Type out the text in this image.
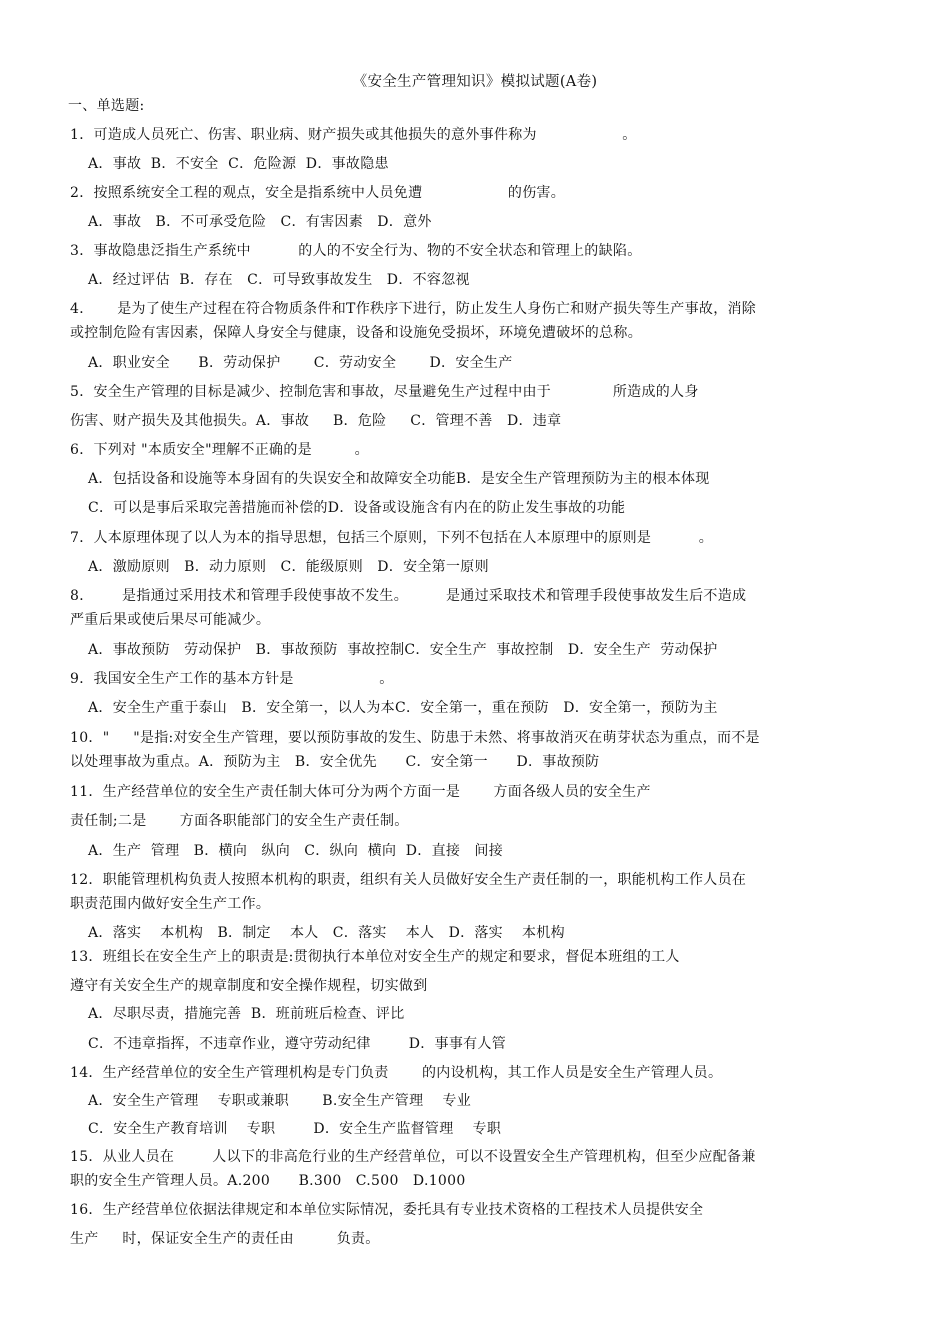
《安全生产管理知识》模拟试题(A卷)
一、单选题:
1．可造成人员死亡、伤害、职业病、财产损失或其他损失的意外事件称为                  。
A．事故  B．不安全  C．危险源  D．事故隐患
2．按照系统安全工程的观点，安全是指系统中人员免遭                  的伤害。
A．事故   B．不可承受危险   C．有害因素   D．意外
3．事故隐患泛指生产系统中          的人的不安全行为、物的不安全状态和管理上的缺陷。
A．经过评估  B．存在   C．可导致事故发生   D．不容忽视
4．     是为了使生产过程在符合物质条件和T作秩序下进行，防止发生人身伤亡和财产损失等生产事故，消除
或控制危险有害因素，保障人身安全与健康，设备和设施免受损坏，环境免遭破坏的总称。
A．职业安全      B．劳动保护       C．劳动安全       D．安全生产
5．安全生产管理的目标是减少、控制危害和事故，尽量避免生产过程中由于             所造成的人身
伤害、财产损失及其他损失。A．事故     B．危险     C．管理不善   D．违章
6．下列对 "本质安全"理解不正确的是         。
A．包括设备和设施等本身固有的失误安全和故障安全功能B．是安全生产管理预防为主的根本体现
C．可以是事后采取完善措施而补偿的D．设备或设施含有内在的防止发生事故的功能
7．人本原理体现了以人为本的指导思想，包括三个原则，下列不包括在人本原理中的原则是          。
A．激励原则   B．动力原则   C．能级原则   D．安全第一原则
8．      是指通过采用技术和管理手段使事故不发生。        是通过采取技术和管理手段使事故发生后不造成
严重后果或使后果尽可能减少。
A．事故预防   劳动保护   B．事故预防  事故控制C．安全生产  事故控制   D．安全生产  劳动保护
9．我国安全生产工作的基本方针是                  。
A．安全生产重于泰山   B．安全第一，以人为本C．安全第一，重在预防   D．安全第一，预防为主
10．"     "是指:对安全生产管理，要以预防事故的发生、防患于未然、将事故消灭在萌芽状态为重点，而不是
以处理事故为重点。A．预防为主   B．安全优先      C．安全第一      D．事故预防
11．生产经营单位的安全生产责任制大体可分为两个方面一是       方面各级人员的安全生产
责任制;二是       方面各职能部门的安全生产责任制。
A．生产  管理   B．横向   纵向   C．纵向  横向  D．直接   间接
12．职能管理机构负责人按照本机构的职责，组织有关人员做好安全生产责任制的一，职能机构工作人员在
职责范围内做好安全生产工作。
A．落实    本机构   B．制定    本人   C．落实    本人   D．落实    本机构
13．班组长在安全生产上的职责是:贯彻执行本单位对安全生产的规定和要求，督促本班组的工人
遵守有关安全生产的规章制度和安全操作规程，切实做到
A．尽职尽责，措施完善  B．班前班后检查、评比
C．不违章指挥，不违章作业，遵守劳动纪律        D．事事有人管
14．生产经营单位的安全生产管理机构是专门负责       的内设机构，其工作人员是安全生产管理人员。
A．安全生产管理    专职或兼职       B.安全生产管理    专业
C．安全生产教育培训    专职        D．安全生产监督管理    专职
15．从业人员在        人以下的非高危行业的生产经营单位，可以不设置安全生产管理机构，但至少应配备兼
职的安全生产管理人员。A.200      B.300   C.500   D.1000
16．生产经营单位依据法律规定和本单位实际情况，委托具有专业技术资格的工程技术人员提供安全
生产     时，保证安全生产的责任由         负责。
